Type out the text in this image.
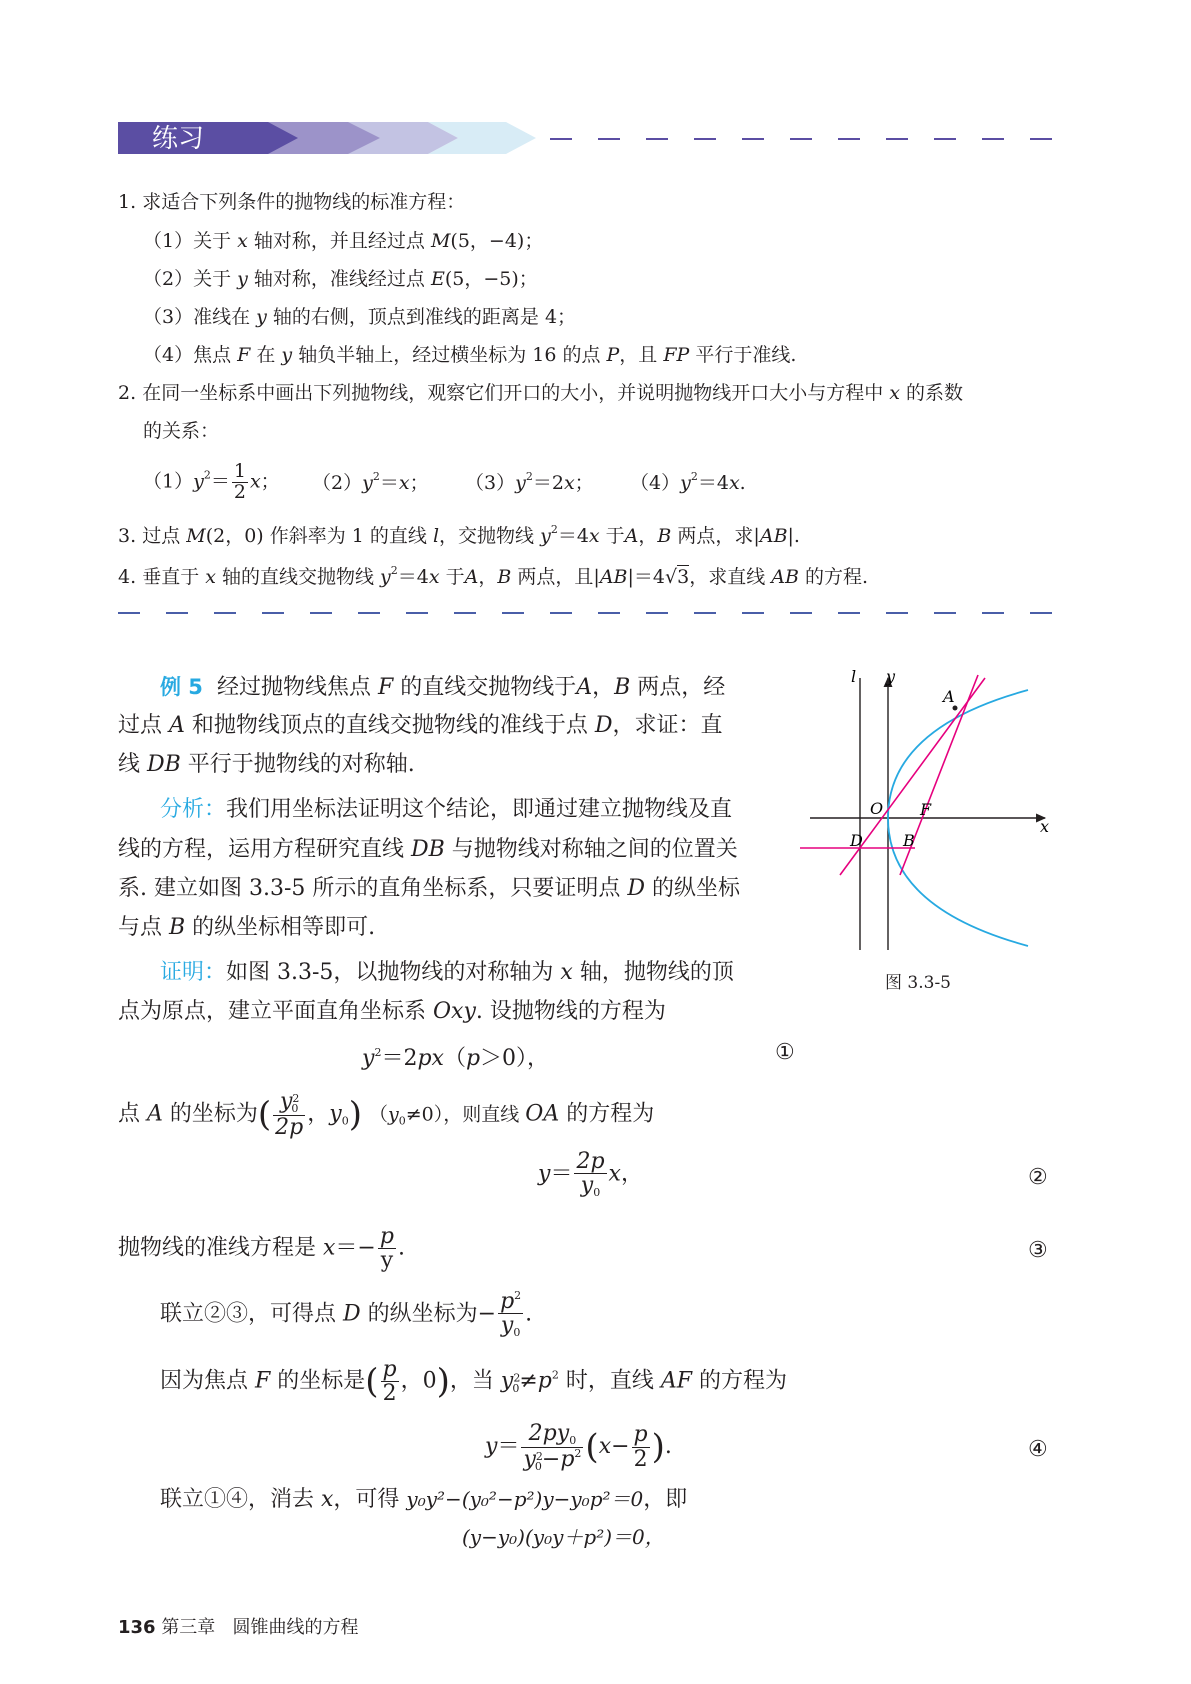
练习
1. 求适合下列条件的抛物线的标准方程：
（1）关于 x 轴对称，并且经过点 M(5，−4)；
（2）关于 y 轴对称，准线经过点 E(5，−5)；
（3）准线在 y 轴的右侧，顶点到准线的距离是 4；
（4）焦点 F 在 y 轴负半轴上，经过横坐标为 16 的点 P，且 FP 平行于准线.
2. 在同一坐标系中画出下列抛物线，观察它们开口的大小，并说明抛物线开口大小与方程中 x 的系数
的关系：
$(1)y^2= \frac{1}{2}$ x； $(2)y^2=x$； $(3)y^2=2x$； $(4)y^2=4x$.
3. 过点 M(2，0) 作斜率为 1 的直线 l，交抛物线 $y^2=4x$ 于A，B 两点，求|AB|.
4. 垂直于 x 轴的直线交抛物线 $y^2=4x$ 于A，B 两点，且|AB|＝4√3，求直线 AB 的方程.
例 5 经过抛物线焦点 F 的直线交抛物线于A，B 两点，经
过点 A 和抛物线顶点的直线交抛物线的准线于点 D，求证：直
线 DB 平行于抛物线的对称轴.
分析：我们用坐标法证明这个结论，即通过建立抛物线及直
线的方程，运用方程研究直线 DB 与抛物线对称轴之间的位置关
系. 建立如图 3.3-5 所示的直角坐标系，只要证明点 D 的纵坐标
与点 B 的纵坐标相等即可.
证明：如图 3.3-5，以抛物线的对称轴为 x 轴，抛物线的顶
点为原点，建立平面直角坐标系 Oxy. 设抛物线的方程为
$y^2=2px(p>0)$，	①
点 A 的坐标为( $\frac{y^2_0}{2p}$ ，$y_0$) $(y_0\ne 0)$，则直线 OA 的方程为
$y= \frac{2p}{y_0}$ x，	②
抛物线的准线方程是 $x=- \frac{p}{y}$ .	③
联立②③，可得点 D 的纵坐标为− $\frac{p^2}{y_0}$ .
因为焦点 F 的坐标是( $\frac{p}{2}$ ，0)，当 $y^2_0\ne p^2$ 时，直线 AF 的方程为
$y= \frac{2py_0}{y^2_0-p^2} (x- \frac{p}{2}$ ).	④
联立①④，消去 x，可得 y₀y²−(y₀²−p²)y−y₀p²＝0，即
(y−y₀)(y₀y＋p²)＝0，
y
l
x
O F
A
B
D
图 3.3-5
136 第三章 圆锥曲线的方程
